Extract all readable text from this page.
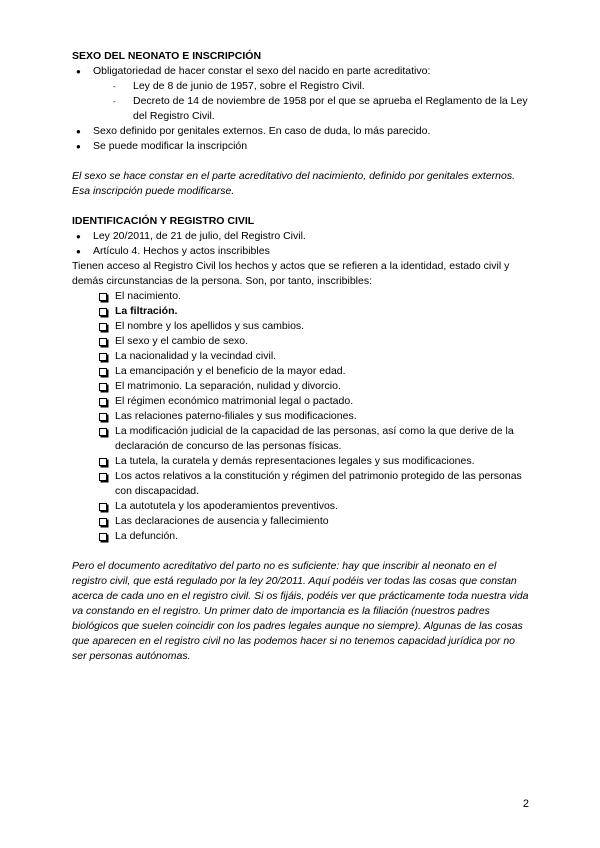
SEXO DEL NEONATO E INSCRIPCIÓN
● Obligatoriedad de hacer constar el sexo del nacido en parte acreditativo:
- Ley de 8 de junio de 1957, sobre el Registro Civil.
- Decreto de 14 de noviembre de 1958 por el que se aprueba el Reglamento de la Ley del Registro Civil.
● Sexo definido por genitales externos. En caso de duda, lo más parecido.
● Se puede modificar la inscripción

El sexo se hace constar en el parte acreditativo del nacimiento, definido por genitales externos. Esa inscripción puede modificarse.

IDENTIFICACIÓN Y REGISTRO CIVIL
● Ley 20/2011, de 21 de julio, del Registro Civil.
● Artículo 4. Hechos y actos inscribibles

Tienen acceso al Registro Civil los hechos y actos que se refieren a la identidad, estado civil y demás circunstancias de la persona. Son, por tanto, inscribibles:

El nacimiento.
La filtración.
El nombre y los apellidos y sus cambios.
El sexo y el cambio de sexo.
La nacionalidad y la vecindad civil.
La emancipación y el beneficio de la mayor edad.
El matrimonio. La separación, nulidad y divorcio.
El régimen económico matrimonial legal o pactado.
Las relaciones paterno-filiales y sus modificaciones.
La modificación judicial de la capacidad de las personas, así como la que derive de la declaración de concurso de las personas físicas.
La tutela, la curatela y demás representaciones legales y sus modificaciones.
Los actos relativos a la constitución y régimen del patrimonio protegido de las personas con discapacidad.
La autotutela y los apoderamientos preventivos.
Las declaraciones de ausencia y fallecimiento
La defunción.

Pero el documento acreditativo del parto no es suficiente: hay que inscribir al neonato en el registro civil, que está regulado por la ley 20/2011. Aquí podéis ver todas las cosas que constan acerca de cada uno en el registro civil. Si os fijáis, podéis ver que prácticamente toda nuestra vida va constando en el registro. Un primer dato de importancia es la filiación (nuestros padres biológicos que suelen coincidir con los padres legales aunque no siempre). Algunas de las cosas que aparecen en el registro civil no las podemos hacer si no tenemos capacidad jurídica por no ser personas autónomas.

2
